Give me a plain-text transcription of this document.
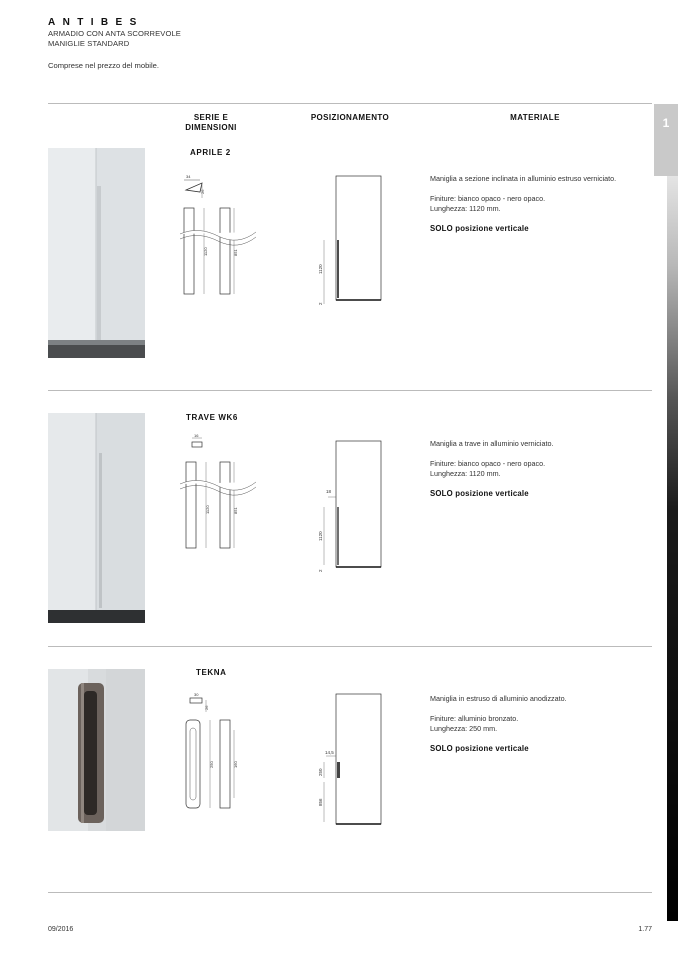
ANTIBES
ARMADIO CON ANTA SCORREVOLE
MANIGLIE STANDARD
Comprese nel prezzo del mobile.
1
SERIE E
DIMENSIONI
POSIZIONAMENTO	MATERIALE
APRILE 2
34
26
1120	851
1120
2
Maniglia a sezione inclinata in alluminio estruso verniciato.
Finiture: bianco opaco - nero opaco.
Lunghezza: 1120 mm.
SOLO posizione verticale
TRAVE WK6
16
1120	851
18
1120
2
Maniglia a trave in alluminio verniciato.
Finiture: bianco opaco - nero opaco.
Lunghezza: 1120 mm.
SOLO posizione verticale
TEKNA
30
26
250	160
14,5
250
856
Maniglia in estruso di alluminio anodizzato.
Finiture: alluminio bronzato.
Lunghezza: 250 mm.
SOLO posizione verticale
09/2016	1.77
